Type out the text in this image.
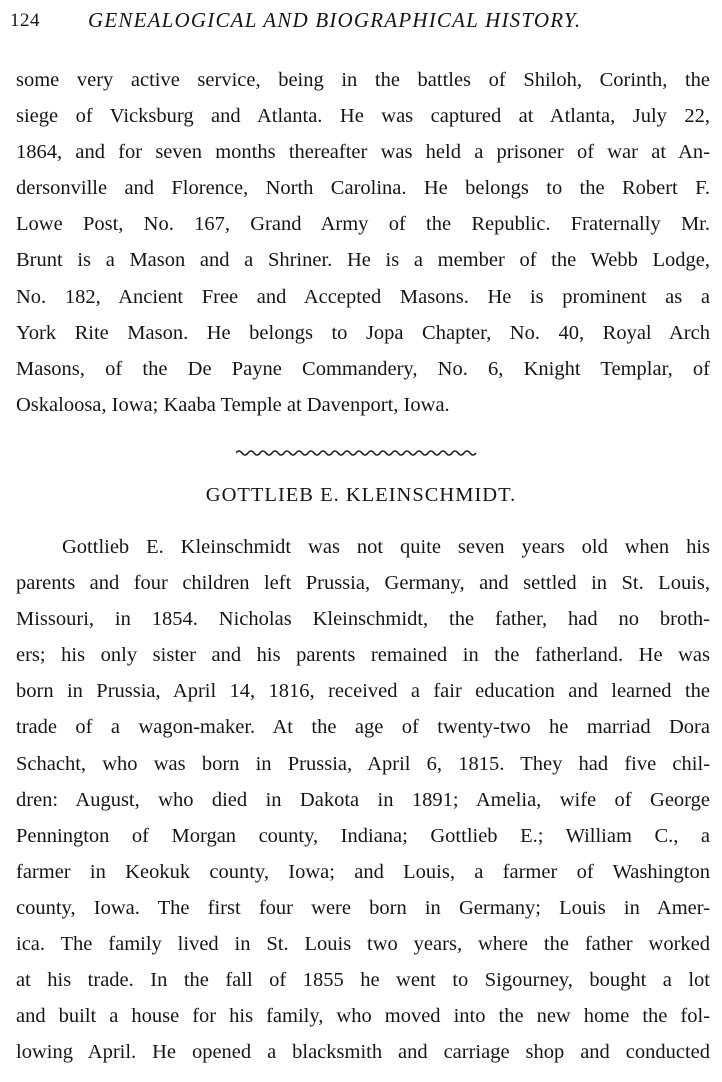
124 GENEALOGICAL AND BIOGRAPHICAL HISTORY.
some very active service, being in the battles of Shiloh, Corinth, the
siege of Vicksburg and Atlanta. He was captured at Atlanta, July 22,
1864, and for seven months thereafter was held a prisoner of war at An-
dersonville and Florence, North Carolina. He belongs to the Robert F.
Lowe Post, No. 167, Grand Army of the Republic. Fraternally Mr.
Brunt is a Mason and a Shriner. He is a member of the Webb Lodge,
No. 182, Ancient Free and Accepted Masons. He is prominent as a
York Rite Mason. He belongs to Jopa Chapter, No. 40, Royal Arch
Masons, of the De Payne Commandery, No. 6, Knight Templar, of
Oskaloosa, Iowa; Kaaba Temple at Davenport, Iowa.
GOTTLIEB E. KLEINSCHMIDT.
Gottlieb E. Kleinschmidt was not quite seven years old when his
parents and four children left Prussia, Germany, and settled in St. Louis,
Missouri, in 1854. Nicholas Kleinschmidt, the father, had no broth-
ers; his only sister and his parents remained in the fatherland. He was
born in Prussia, April 14, 1816, received a fair education and learned the
trade of a wagon-maker. At the age of twenty-two he marriad Dora
Schacht, who was born in Prussia, April 6, 1815. They had five chil-
dren: August, who died in Dakota in 1891; Amelia, wife of George
Pennington of Morgan county, Indiana; Gottlieb E.; William C., a
farmer in Keokuk county, Iowa; and Louis, a farmer of Washington
county, Iowa. The first four were born in Germany; Louis in Amer-
ica. The family lived in St. Louis two years, where the father worked
at his trade. In the fall of 1855 he went to Sigourney, bought a lot
and built a house for his family, who moved into the new home the fol-
lowing April. He opened a blacksmith and carriage shop and conducted
